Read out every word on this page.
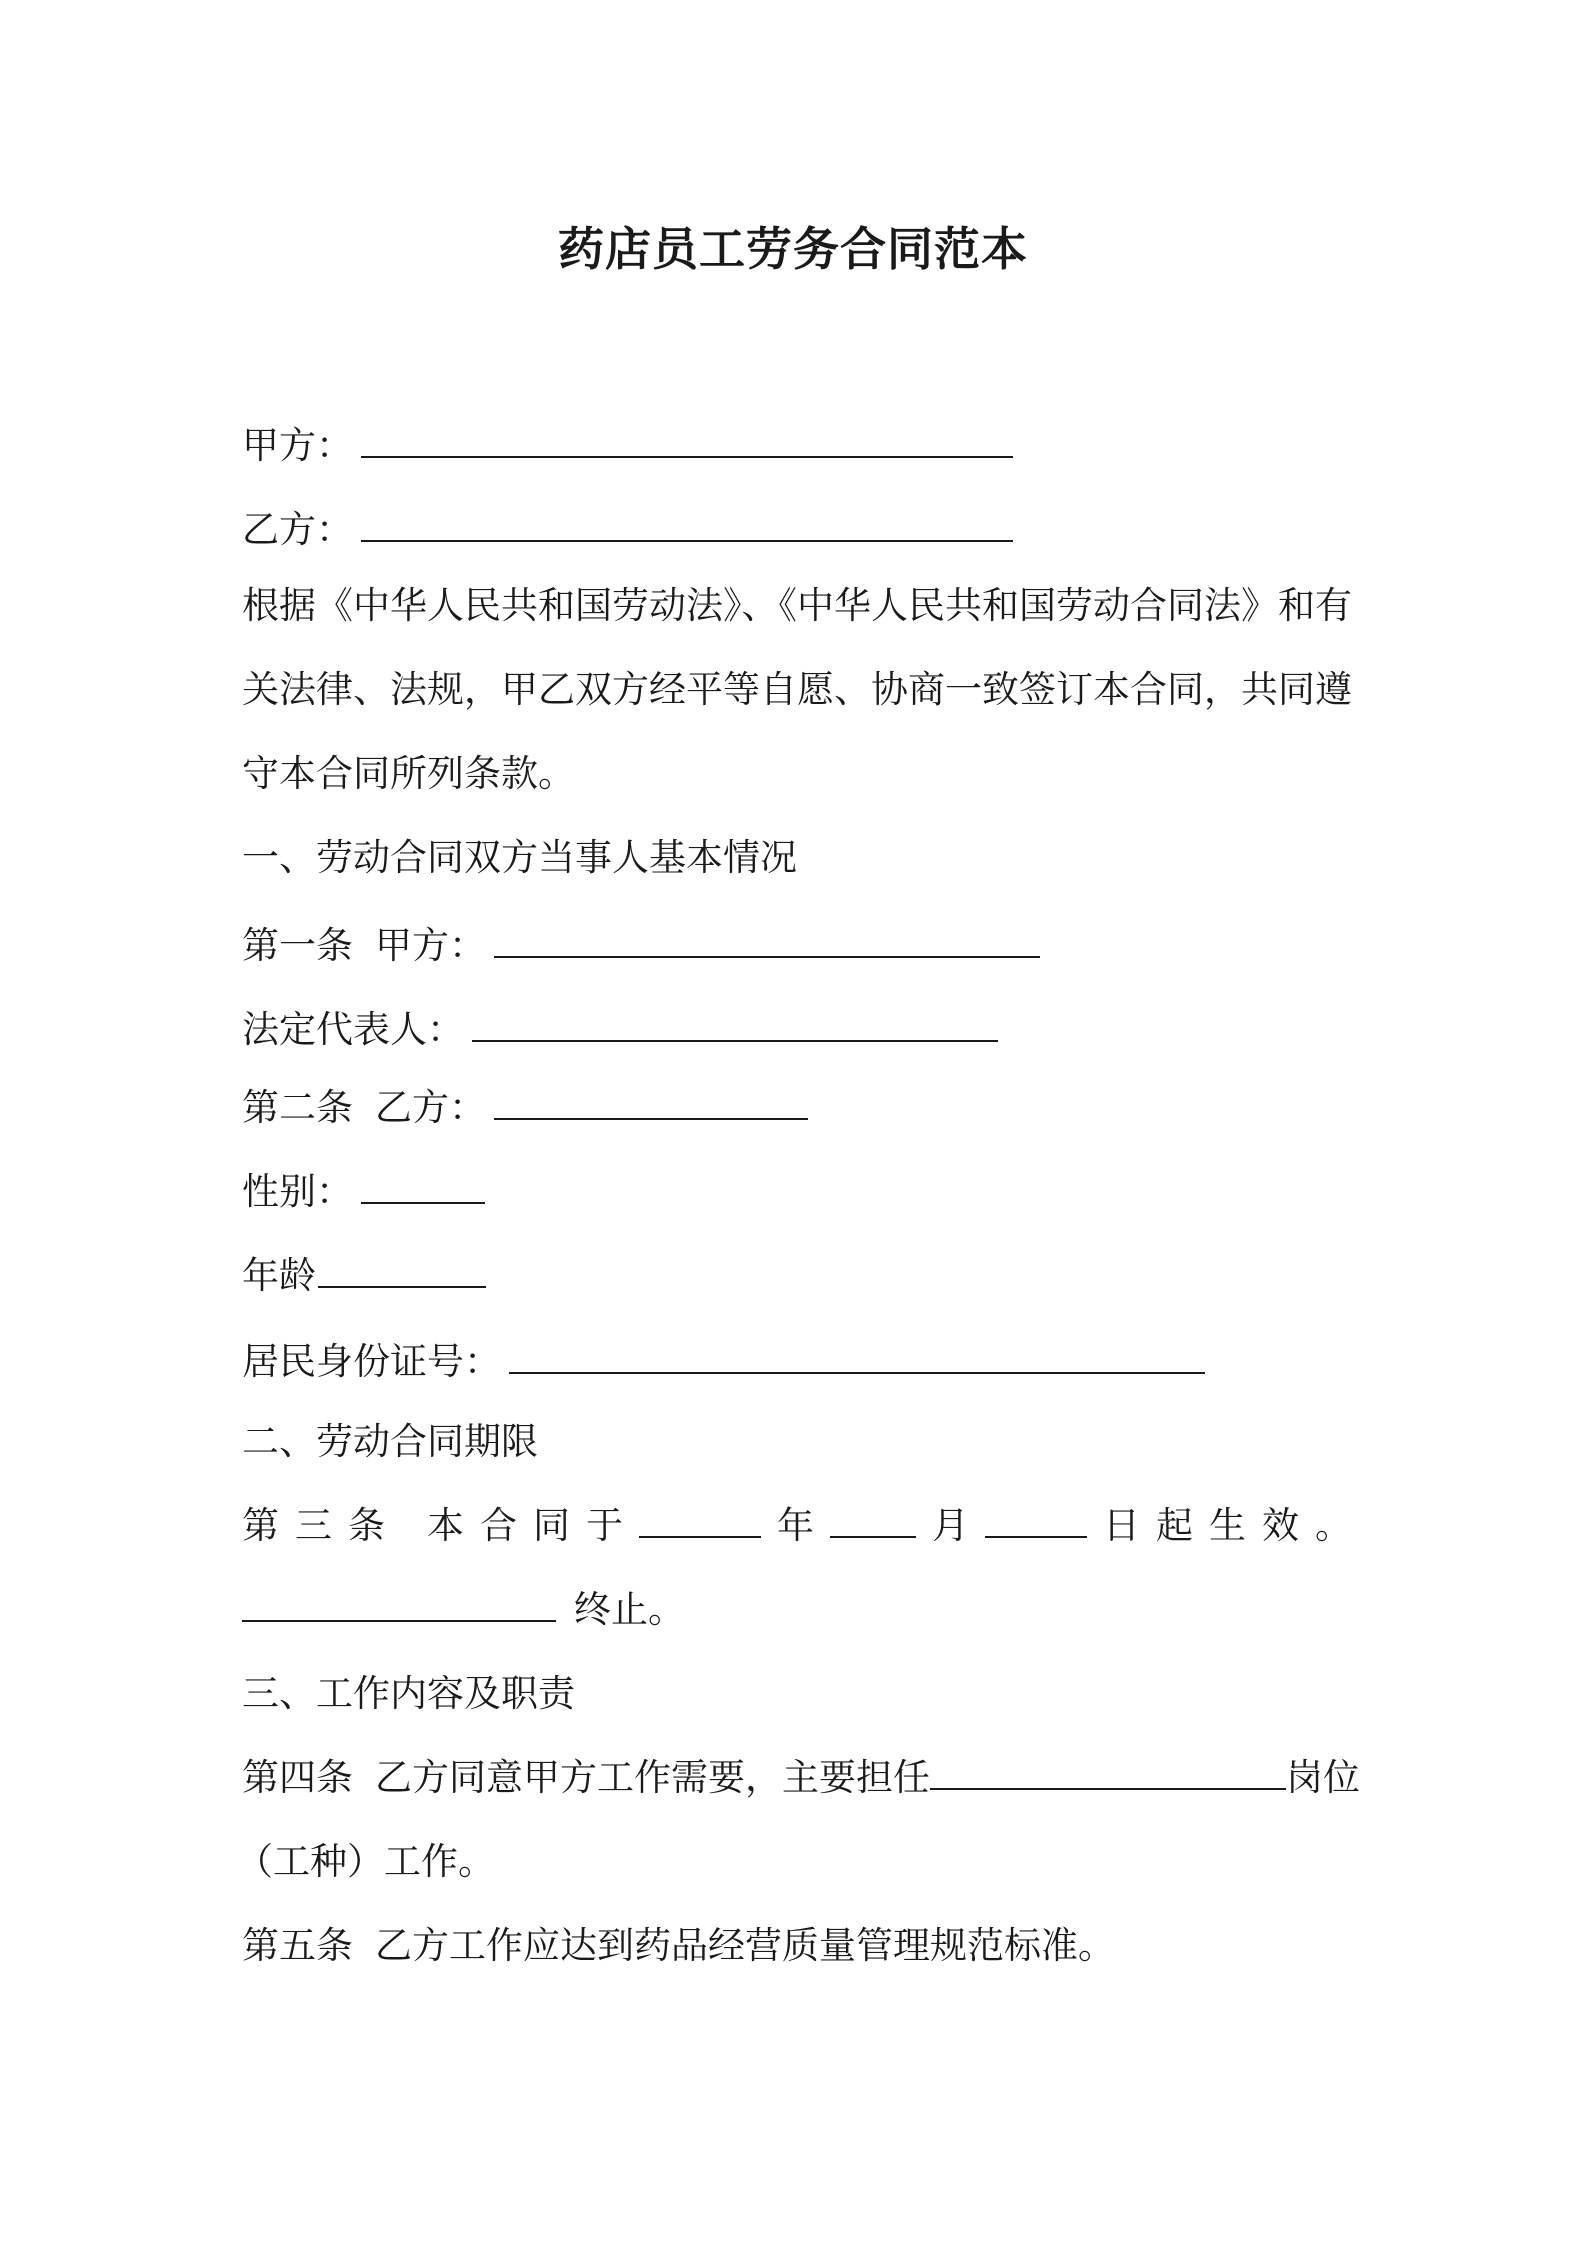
药店员工劳务合同范本
甲方：
乙方：
根据《中华人民共和国劳动法》、《中华人民共和国劳动合同法》和有
关法律、法规，甲乙双方经平等自愿、协商一致签订本合同，共同遵
守本合同所列条款。
一、劳动合同双方当事人基本情况
第一条 甲方：
法定代表人：
第二条 乙方：
性别：
年龄
居民身份证号：
二、劳动合同期限
第 三 条 本 合 同 于	年	月	日 起 生 效 。
终止。
三、工作内容及职责
第四条 乙方同意甲方工作需要，主要担任	岗位
（工种）工作。
第五条 乙方工作应达到药品经营质量管理规范标准。
